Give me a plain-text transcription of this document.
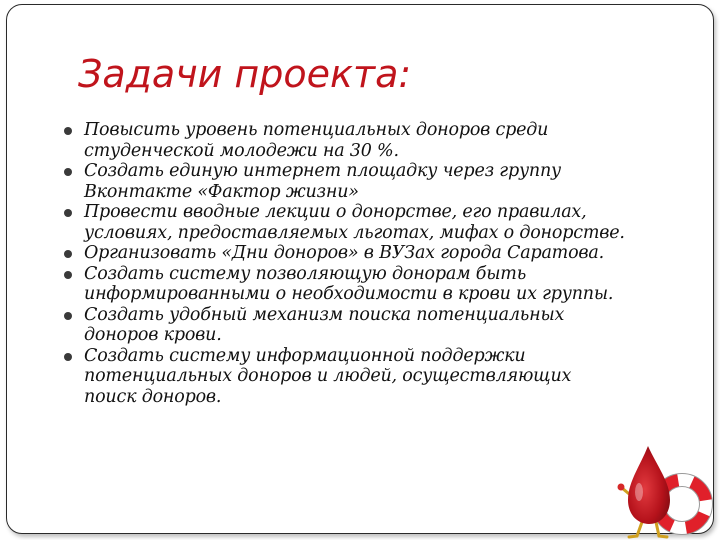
Задачи проекта:
Повысить уровень потенциальных доноров среди
студенческой молодежи на 30 %.
Создать единую интернет площадку через группу
Вконтакте «Фактор жизни»
Провести вводные лекции о донорстве, его правилах,
условиях, предоставляемых льготах, мифах о донорстве.
Организовать «Дни доноров» в ВУЗах города Саратова.
Создать систему позволяющую донорам быть
информированными о необходимости в крови их группы.
Создать удобный механизм поиска потенциальных
доноров крови.
Создать систему информационной поддержки
потенциальных доноров и людей, осуществляющих
поиск доноров.
